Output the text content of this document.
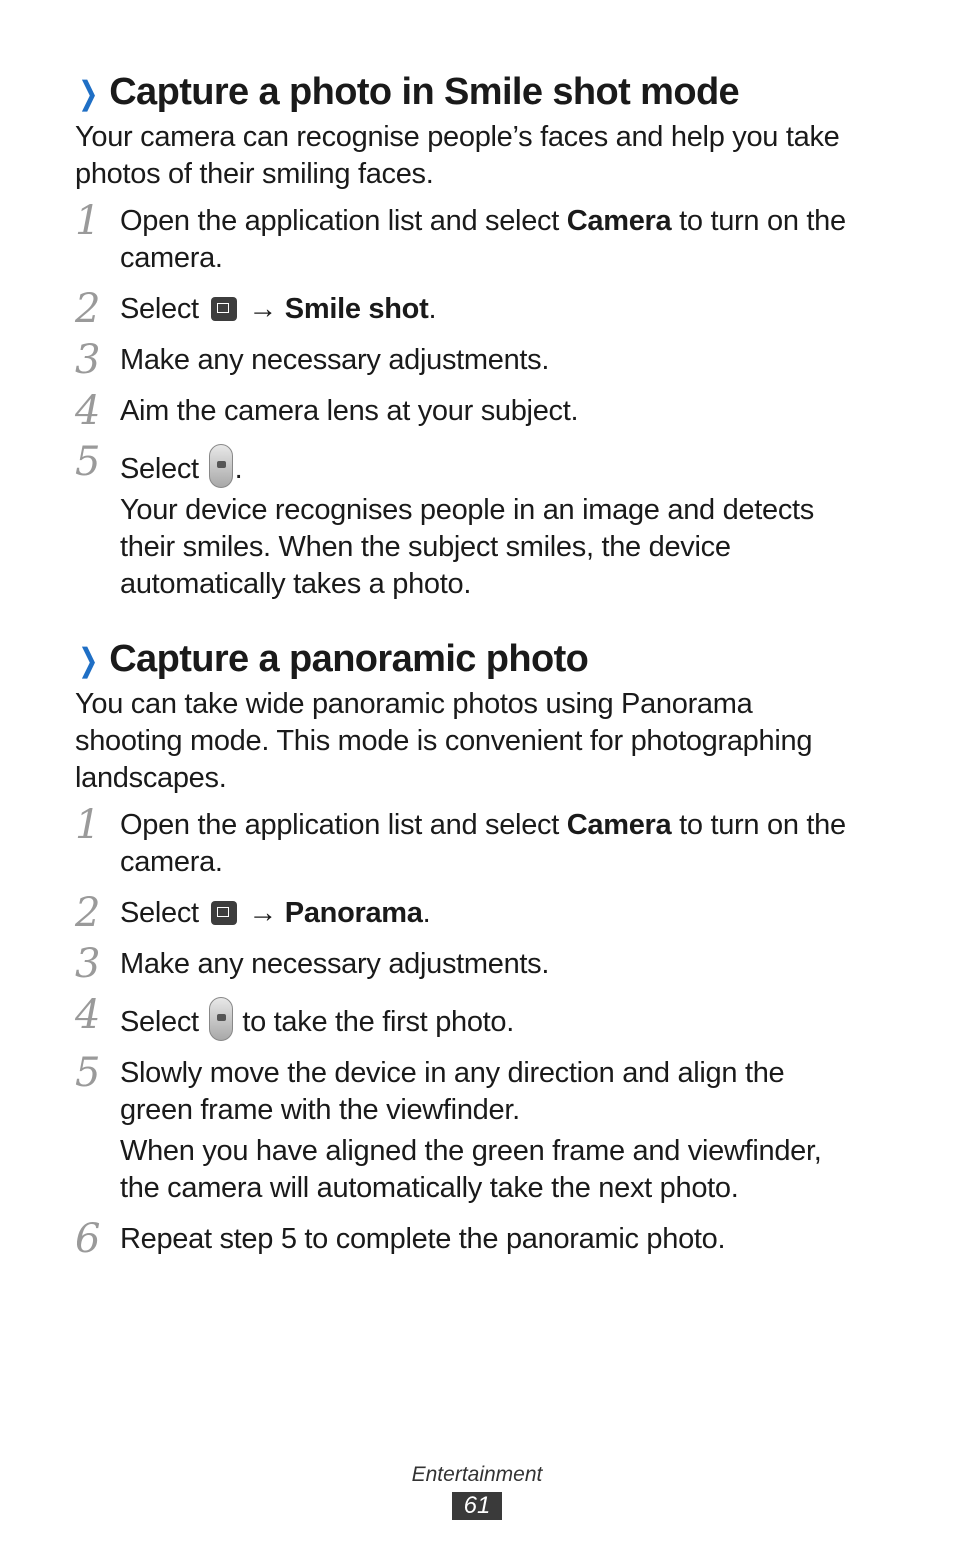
❯ Capture a photo in Smile shot mode

Your camera can recognise people’s faces and help you take
photos of their smiling faces.

1 Open the application list and select Camera to turn on the
camera.
2 Select  → Smile shot.
3 Make any necessary adjustments.
4 Aim the camera lens at your subject.
5 Select .
Your device recognises people in an image and detects
their smiles. When the subject smiles, the device
automatically takes a photo.
❯ Capture a panoramic photo

You can take wide panoramic photos using Panorama
shooting mode. This mode is convenient for photographing
landscapes.

1 Open the application list and select Camera to turn on the
camera.
2 Select  → Panorama.
3 Make any necessary adjustments.
4 Select  to take the first photo.
5 Slowly move the device in any direction and align the
green frame with the viewfinder.
When you have aligned the green frame and viewfinder,
the camera will automatically take the next photo.
6 Repeat step 5 to complete the panoramic photo.
Entertainment
61
